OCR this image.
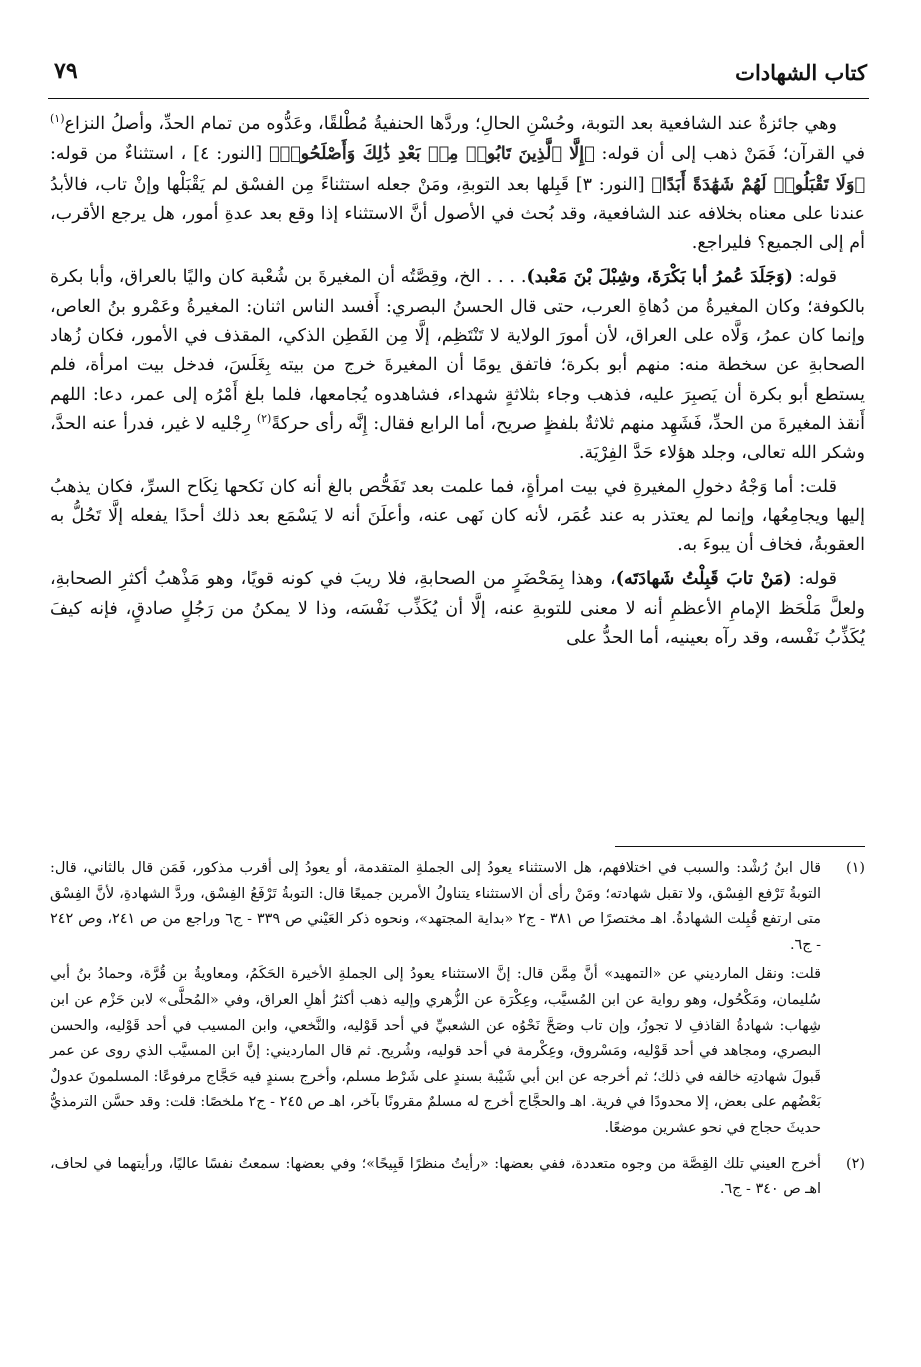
كتاب الشهادات
٧٩

وهي جائزةٌ عند الشافعية بعد التوبة، وحُسْنِ الحالِ؛ وردَّها الحنفيةُ مُطْلقًا، وعَدُّوه من تمام الحدِّ، وأصلُ النزاع$^{(١)}$ في القرآن؛ فَمَنْ ذهب إلى أن قوله: ﴿إِلَّا ٱلَّذِينَ تَابُوا۟ مِنۢ بَعْدِ ذَٰلِكَ وَأَصْلَحُوا۟﴾ [النور: ٤] ، استثناءٌ من قوله: ﴿وَلَا تَقْبَلُوا۟ لَهُمْ شَهَٰدَةً أَبَدًا﴾ [النور: ٣] قَبِلها بعد التوبةِ، ومَنْ جعله استثناءً مِن الفسْق لم يَقْبَلْها وإنْ تاب، فالأبدُ عندنا على معناه بخلافه عند الشافعية، وقد بُحث في الأصول أنَّ الاستثناء إذا وقع بعد عدةِ أمور، هل يرجع الأقرب، أم إلى الجميع؟ فليراجع.

قوله: (وَجَلَدَ عُمرُ أبا بَكْرَةَ، وشِبْلَ بْنَ مَعْبد). . . . الخ، وقِصَّتُه أن المغيرةَ بن شُعْبة كان واليًا بالعراق، وأبا بكرة بالكوفة؛ وكان المغيرةُ من دُهاةِ العرب، حتى قال الحسنُ البصري: أَفسد الناس اثنان: المغيرةُ وعَمْرو بنُ العاص، وإنما كان عمرُ، وَلَّاه على العراق، لأن أمورَ الولاية لا تَنْتَظِم، إلَّا مِن الفَطِن الذكي، المقذف في الأمور، فكان زُهاد الصحابةِ عن سخطة منه: منهم أبو بكرة؛ فاتفق يومًا أن المغيرةَ خرج من بيته بِغَلَسَ، فدخل بيت امرأة، فلم يستطع أبو بكرة أن يَصبِرَ عليه، فذهب وجاء بثلاثةٍ شهداء، فشاهدوه يُجامعها، فلما بلغ أَمْرُه إلى عمر، دعا: اللهم أَنقذ المغيرةَ من الحدِّ، فَشَهِد منهم ثلاثةٌ بلفظٍ صريح، أما الرابع فقال: إِنَّه رأى حركةً$^{(٢)}$ رِجْليه لا غير، فدرأ عنه الحدَّ، وشكر الله تعالى، وجلد هؤلاء حَدَّ الفِرْيَة.

قلت: أما وَجْهُ دخولِ المغيرةِ في بيت امرأةٍ، فما علمت بعد تَفَحُّص بالغ أنه كان نَكحها نِكَاح السرِّ، فكان يذهبُ إليها ويجامِعُها، وإنما لم يعتذر به عند عُمَر، لأنه كان نَهى عنه، وأعلَنَ أنه لا يَسْمَع بعد ذلك أحدًا يفعله إلَّا تَحُلُّ به العقوبةُ، فخاف أن يبوءَ به.

قوله: (مَنْ تابَ قَبِلْتُ شَهادَتَه)، وهذا بِمَحْضَرٍ من الصحابةِ، فلا ريبَ في كونه قويًا، وهو مَذْهبُ أكثرِ الصحابةِ، ولعلَّ مَلْحَظ الإمامِ الأعظمِ أنه لا معنى للتوبةِ عنه، إلَّا أن يُكَذِّب نَفْسَه، وذا لا يمكنُ من رَجُلٍ صادقٍ، فإنه كيفَ يُكَذِّبُ نَفْسه، وقد رآه بعينيه، أما الحدُّ على

(١)

قال ابنُ رُشْد: والسبب في اختلافهم، هل الاستثناء يعودُ إلى الجملةِ المتقدمة، أو يعودُ إلى أقرب مذكور، فَمَن قال بالثاني، قال: التوبةُ تَرْفع الفِسْق، ولا تقبل شهادته؛ ومَنْ رأى أن الاستثناء يتناولُ الأمرين جميعًا قال: التوبةُ تَرْفَعُ الفِسْق، وردَّ الشهادةِ، لأنَّ الفِسْق متى ارتفع قُبِلت الشهادةُ. اهـ مختصرًا ص ٣٨١ - ج٢ «بداية المجتهد»، ونحوه ذكر العَيْني ص ٣٣٩ - ج٦ وراجع من ص ٢٤١، وص ٢٤٢ - ج٦.

قلت: ونقل المارديني عن «التمهيد» أنَّ مِمَّن قال: إنَّ الاستثناء يعودُ إلى الجملةِ الأخيرة الحَكَمُ، ومعاويةُ بن قُرَّة، وحمادُ بنُ أبي سُليمان، ومَكْحُول، وهو رواية عن ابن المُسيَّب، وعِكْرَة عن الزُّهري وإليه ذهب أكثرُ أهلِ العراق، وفي «المُحلَّى» لابن حَزْم عن ابن شِهاب: شهادةُ القاذفِ لا تجوزُ، وإن تاب وصَحَّ نَحْوُه عن الشعبيِّ في أحد قَوْليه، والنَّخعي، وابن المسيب في أحد قَوْليه، والحسن البصري، ومجاهد في أحد قَوْليه، ومَسْروق، وعِكْرمة في أحد قوليه، وشُريح. ثم قال المارديني: إنَّ ابن المسيَّب الذي روى عن عمر قَبولَ شهادتِه خالفه في ذلك؛ ثم أخرجه عن ابن أبي شَيْبة بسندٍ على شَرْط مسلم، وأخرج بسندٍ فيه حَجَّاج مرفوعًا: المسلمونَ عدولٌ بَعْضُهم على بعض، إلا محدودًا في فرية. اهـ والحجَّاج أخرج له مسلمٌ مقرونًا بآخر، اهـ ص ٢٤٥ - ج٢ ملخصًا: قلت: وقد حسَّن الترمذيُّ حديثَ حجاج في نحو عشرين موضعًا.

(٢)

أخرج العيني تلك القِصَّة من وجوه متعددة، ففي بعضها: «رأيتُ منظرًا قَبِيحًا»؛ وفي بعضها: سمعتُ نفسًا عاليًا، ورأيتهما في لحاف، اهـ ص ٣٤٠ - ج٦.
